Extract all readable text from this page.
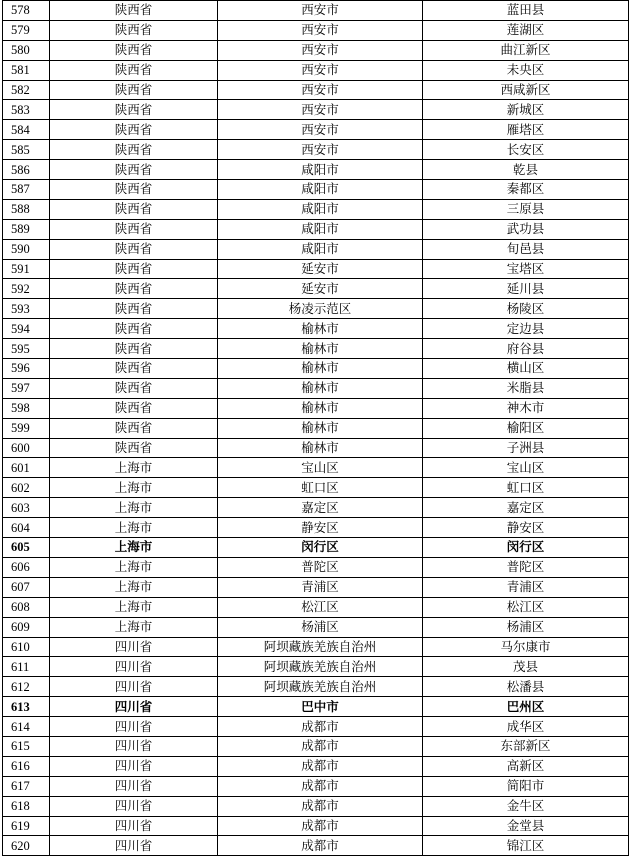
578	陕西省	西安市	蓝田县
579	陕西省	西安市	莲湖区
580	陕西省	西安市	曲江新区
581	陕西省	西安市	未央区
582	陕西省	西安市	西咸新区
583	陕西省	西安市	新城区
584	陕西省	西安市	雁塔区
585	陕西省	西安市	长安区
586	陕西省	咸阳市	乾县
587	陕西省	咸阳市	秦都区
588	陕西省	咸阳市	三原县
589	陕西省	咸阳市	武功县
590	陕西省	咸阳市	旬邑县
591	陕西省	延安市	宝塔区
592	陕西省	延安市	延川县
593	陕西省	杨凌示范区	杨陵区
594	陕西省	榆林市	定边县
595	陕西省	榆林市	府谷县
596	陕西省	榆林市	横山区
597	陕西省	榆林市	米脂县
598	陕西省	榆林市	神木市
599	陕西省	榆林市	榆阳区
600	陕西省	榆林市	子洲县
601	上海市	宝山区	宝山区
602	上海市	虹口区	虹口区
603	上海市	嘉定区	嘉定区
604	上海市	静安区	静安区
605	上海市	闵行区	闵行区
606	上海市	普陀区	普陀区
607	上海市	青浦区	青浦区
608	上海市	松江区	松江区
609	上海市	杨浦区	杨浦区
610	四川省	阿坝藏族羌族自治州	马尔康市
611	四川省	阿坝藏族羌族自治州	茂县
612	四川省	阿坝藏族羌族自治州	松潘县
613	四川省	巴中市	巴州区
614	四川省	成都市	成华区
615	四川省	成都市	东部新区
616	四川省	成都市	高新区
617	四川省	成都市	简阳市
618	四川省	成都市	金牛区
619	四川省	成都市	金堂县
620	四川省	成都市	锦江区
